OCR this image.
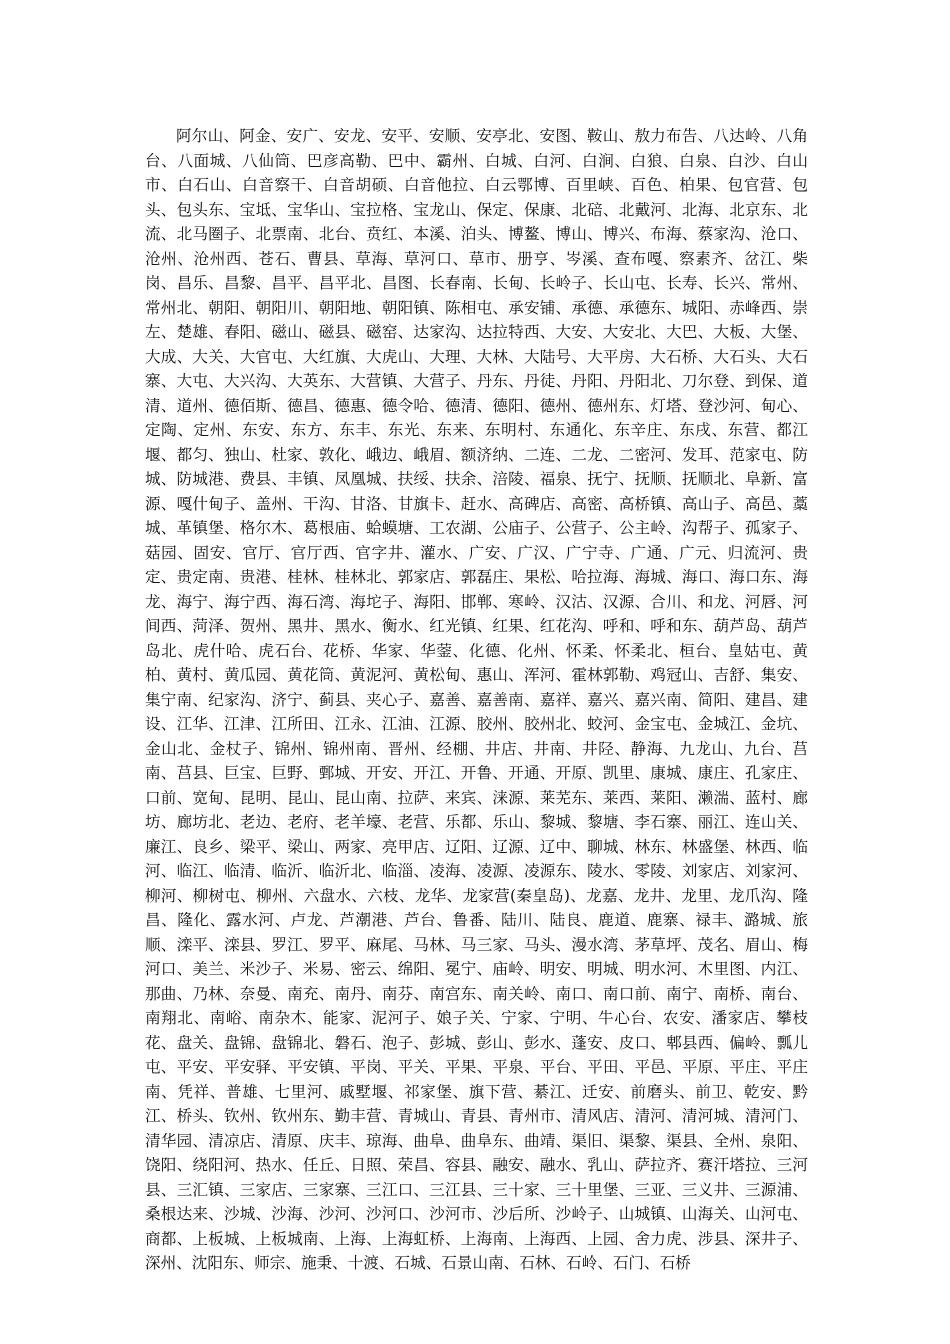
阿尔山、阿金、安广、安龙、安平、安顺、安亭北、安图、鞍山、敖力布告、八达岭、八角台、八面城、八仙筒、巴彦高勒、巴中、霸州、白城、白河、白涧、白狼、白泉、白沙、白山市、白石山、白音察干、白音胡硕、白音他拉、白云鄂博、百里峡、百色、柏果、包官营、包头、包头东、宝坻、宝华山、宝拉格、宝龙山、保定、保康、北碚、北戴河、北海、北京东、北流、北马圈子、北票南、北台、贲红、本溪、泊头、博鳌、博山、博兴、布海、蔡家沟、沧口、沧州、沧州西、苍石、曹县、草海、草河口、草市、册亨、岑溪、查布嘎、察素齐、岔江、柴岗、昌乐、昌黎、昌平、昌平北、昌图、长春南、长甸、长岭子、长山屯、长寿、长兴、常州、常州北、朝阳、朝阳川、朝阳地、朝阳镇、陈相屯、承安铺、承德、承德东、城阳、赤峰西、崇左、楚雄、春阳、磁山、磁县、磁窑、达家沟、达拉特西、大安、大安北、大巴、大板、大堡、大成、大关、大官屯、大红旗、大虎山、大理、大林、大陆号、大平房、大石桥、大石头、大石寨、大屯、大兴沟、大英东、大营镇、大营子、丹东、丹徒、丹阳、丹阳北、刀尔登、到保、道清、道州、德佰斯、德昌、德惠、德令哈、德清、德阳、德州、德州东、灯塔、登沙河、甸心、定陶、定州、东安、东方、东丰、东光、东来、东明村、东通化、东辛庄、东戌、东营、都江堰、都匀、独山、杜家、敦化、峨边、峨眉、额济纳、二连、二龙、二密河、发耳、范家屯、防城、防城港、费县、丰镇、凤凰城、扶绥、扶余、涪陵、福泉、抚宁、抚顺、抚顺北、阜新、富源、嘎什甸子、盖州、干沟、甘洛、甘旗卡、赶水、高碑店、高密、高桥镇、高山子、高邑、藁城、革镇堡、格尔木、葛根庙、蛤蟆塘、工农湖、公庙子、公营子、公主岭、沟帮子、孤家子、菇园、固安、官厅、官厅西、官字井、灌水、广安、广汉、广宁寺、广通、广元、归流河、贵定、贵定南、贵港、桂林、桂林北、郭家店、郭磊庄、果松、哈拉海、海城、海口、海口东、海龙、海宁、海宁西、海石湾、海坨子、海阳、邯郸、寒岭、汉沽、汉源、合川、和龙、河唇、河间西、菏泽、贺州、黑井、黑水、衡水、红光镇、红果、红花沟、呼和、呼和东、葫芦岛、葫芦岛北、虎什哈、虎石台、花桥、华家、华蓥、化德、化州、怀柔、怀柔北、桓台、皇姑屯、黄柏、黄村、黄瓜园、黄花筒、黄泥河、黄松甸、惠山、浑河、霍林郭勒、鸡冠山、吉舒、集安、集宁南、纪家沟、济宁、蓟县、夹心子、嘉善、嘉善南、嘉祥、嘉兴、嘉兴南、简阳、建昌、建设、江华、江津、江所田、江永、江油、江源、胶州、胶州北、蛟河、金宝屯、金城江、金坑、金山北、金杖子、锦州、锦州南、晋州、经棚、井店、井南、井陉、静海、九龙山、九台、莒南、莒县、巨宝、巨野、鄄城、开安、开江、开鲁、开通、开原、凯里、康城、康庄、孔家庄、口前、宽甸、昆明、昆山、昆山南、拉萨、来宾、涞源、莱芜东、莱西、莱阳、濑湍、蓝村、廊坊、廊坊北、老边、老府、老羊壕、老营、乐都、乐山、黎城、黎塘、李石寨、丽江、连山关、廉江、良乡、梁平、梁山、两家、亮甲店、辽阳、辽源、辽中、聊城、林东、林盛堡、林西、临河、临江、临清、临沂、临沂北、临淄、凌海、凌源、凌源东、陵水、零陵、刘家店、刘家河、柳河、柳树屯、柳州、六盘水、六枝、龙华、龙家营(秦皇岛)、龙嘉、龙井、龙里、龙爪沟、隆昌、隆化、露水河、卢龙、芦潮港、芦台、鲁番、陆川、陆良、鹿道、鹿寨、禄丰、潞城、旅顺、滦平、滦县、罗江、罗平、麻尾、马林、马三家、马头、漫水湾、茅草坪、茂名、眉山、梅河口、美兰、米沙子、米易、密云、绵阳、冕宁、庙岭、明安、明城、明水河、木里图、内江、那曲、乃林、奈曼、南充、南丹、南芬、南宫东、南关岭、南口、南口前、南宁、南桥、南台、南翔北、南峪、南杂木、能家、泥河子、娘子关、宁家、宁明、牛心台、农安、潘家店、攀枝花、盘关、盘锦、盘锦北、磐石、泡子、彭城、彭山、彭水、蓬安、皮口、郫县西、偏岭、瓢儿屯、平安、平安驿、平安镇、平岗、平关、平果、平泉、平台、平田、平邑、平原、平庄、平庄南、凭祥、普雄、七里河、戚墅堰、祁家堡、旗下营、綦江、迁安、前磨头、前卫、乾安、黔江、桥头、钦州、钦州东、勤丰营、青城山、青县、青州市、清风店、清河、清河城、清河门、清华园、清凉店、清原、庆丰、琼海、曲阜、曲阜东、曲靖、渠旧、渠黎、渠县、全州、泉阳、饶阳、绕阳河、热水、任丘、日照、荣昌、容县、融安、融水、乳山、萨拉齐、赛汗塔拉、三河县、三汇镇、三家店、三家寨、三江口、三江县、三十家、三十里堡、三亚、三义井、三源浦、桑根达来、沙城、沙海、沙河、沙河口、沙河市、沙后所、沙岭子、山城镇、山海关、山河屯、商都、上板城、上板城南、上海、上海虹桥、上海南、上海西、上园、舍力虎、涉县、深井子、深州、沈阳东、师宗、施秉、十渡、石城、石景山南、石林、石岭、石门、石桥
